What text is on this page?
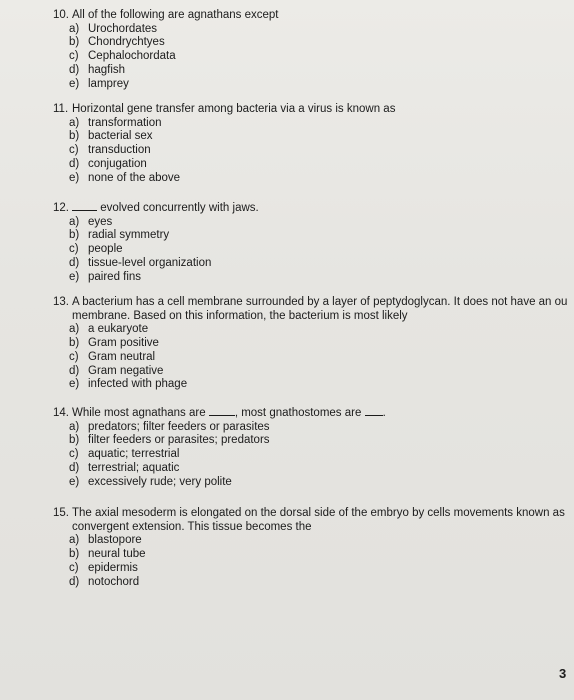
10. All of the following are agnathans except
a) Urochordates
b) Chondrychtyes
c) Cephalochordata
d) hagfish
e) lamprey
11. Horizontal gene transfer among bacteria via a virus is known as
a) transformation
b) bacterial sex
c) transduction
d) conjugation
e) none of the above
12.	evolved concurrently with jaws.
a) eyes
b) radial symmetry
c) people
d) tissue-level organization
e) paired fins
13. A bacterium has a cell membrane surrounded by a layer of peptydoglycan. It does not have an ou
membrane. Based on this information, the bacterium is most likely
a) a eukaryote
b) Gram positive
c) Gram neutral
d) Gram negative
e) infected with phage
14. While most agnathans are	, most gnathostomes are .
a) predators; filter feeders or parasites
b) filter feeders or parasites; predators
c) aquatic; terrestrial
d) terrestrial; aquatic
e) excessively rude; very polite
15. The axial mesoderm is elongated on the dorsal side of the embryo by cells movements known as
convergent extension. This tissue becomes the
a) blastopore
b) neural tube
c) epidermis
d) notochord
3
